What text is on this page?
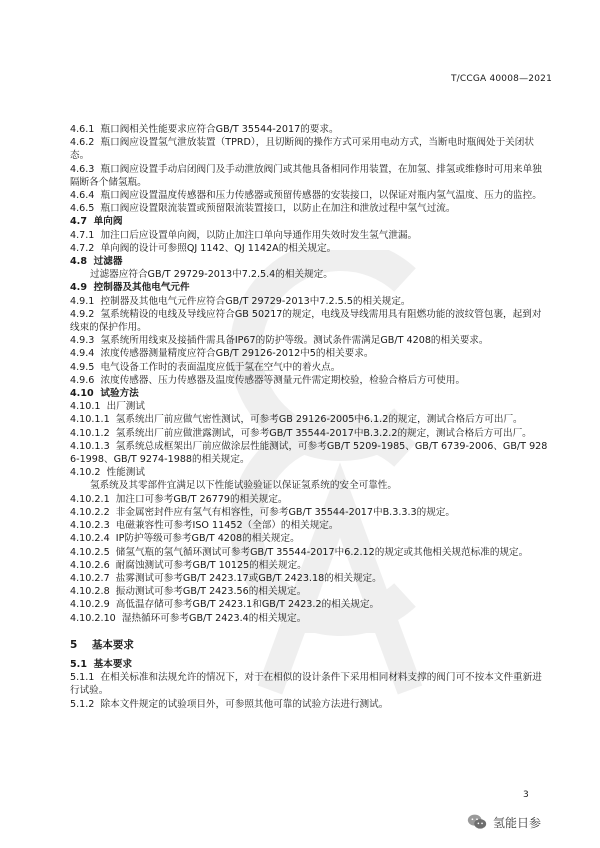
T/CCGA 40008—2021

4.6.1  瓶口阀相关性能要求应符合GB/T 35544-2017的要求。

4.6.2  瓶口阀应设置氢气泄放装置（TPRD），且切断阀的操作方式可采用电动方式，当断电时瓶阀处于关闭状态。

4.6.3  瓶口阀应设置手动启闭阀门及手动泄放阀门或其他具备相同作用装置，在加氢、排氢或维修时可用来单独隔断各个储氢瓶。

4.6.4  瓶口阀应设置温度传感器和压力传感器或预留传感器的安装接口，以保证对瓶内氢气温度、压力的监控。

4.6.5  瓶口阀应设置限流装置或预留限流装置接口，以防止在加注和泄放过程中氢气过流。

4.7  单向阀

4.7.1  加注口后应设置单向阀，以防止加注口单向导通作用失效时发生氢气泄漏。

4.7.2  单向阀的设计可参照QJ 1142、QJ 1142A的相关规定。

4.8  过滤器

过滤器应符合GB/T 29729-2013中7.2.5.4的相关规定。

4.9  控制器及其他电气元件

4.9.1  控制器及其他电气元件应符合GB/T 29729-2013中7.2.5.5的相关规定。

4.9.2  氢系统精设的电线及导线应符合GB 50217的规定，电线及导线需用具有阻燃功能的波纹管包裹，起到对线束的保护作用。

4.9.3  氢系统所用线束及接插件需具备IP67的防护等级。测试条件需满足GB/T 4208的相关要求。

4.9.4  浓度传感器测量精度应符合GB/T 29126-2012中5的相关要求。

4.9.5  电气设备工作时的表面温度应低于氢在空气中的着火点。

4.9.6  浓度传感器、压力传感器及温度传感器等测量元件需定期校验，检验合格后方可使用。

4.10  试验方法

4.10.1  出厂测试

4.10.1.1  氢系统出厂前应做气密性测试，可参考GB 29126-2005中6.1.2的规定，测试合格后方可出厂。

4.10.1.2  氢系统出厂前应做泄露测试，可参考GB/T 35544-2017中B.3.2.2的规定，测试合格后方可出厂。

4.10.1.3  氢系统总成框架出厂前应做涂层性能测试，可参考GB/T 5209-1985、GB/T 6739-2006、GB/T 9286-1998、GB/T 9274-1988的相关规定。

4.10.2  性能测试

氢系统及其零部件宜满足以下性能试验验证以保证氢系统的安全可靠性。

4.10.2.1  加注口可参考GB/T 26779的相关规定。

4.10.2.2  非金属密封件应有氢气有相容性，可参考GB/T 35544-2017中B.3.3.3的规定。

4.10.2.3  电磁兼容性可参考ISO 11452（全部）的相关规定。

4.10.2.4  IP防护等级可参考GB/T 4208的相关规定。

4.10.2.5  储氢气瓶的氢气循环测试可参考GB/T 35544-2017中6.2.12的规定或其他相关规范标准的规定。

4.10.2.6  耐腐蚀测试可参考GB/T 10125的相关规定。

4.10.2.7  盐雾测试可参考GB/T 2423.17或GB/T 2423.18的相关规定。

4.10.2.8  振动测试可参考GB/T 2423.56的相关规定。

4.10.2.9  高低温存储可参考GB/T 2423.1和GB/T 2423.2的相关规定。

4.10.2.10  湿热循环可参考GB/T 2423.4的相关规定。

5    基本要求

5.1  基本要求

5.1.1  在相关标准和法规允许的情况下，对于在相似的设计条件下采用相同材料支撑的阀门可不按本文件重新进行试验。

5.1.2  除本文件规定的试验项目外，可参照其他可靠的试验方法进行测试。

3
氢能日参
